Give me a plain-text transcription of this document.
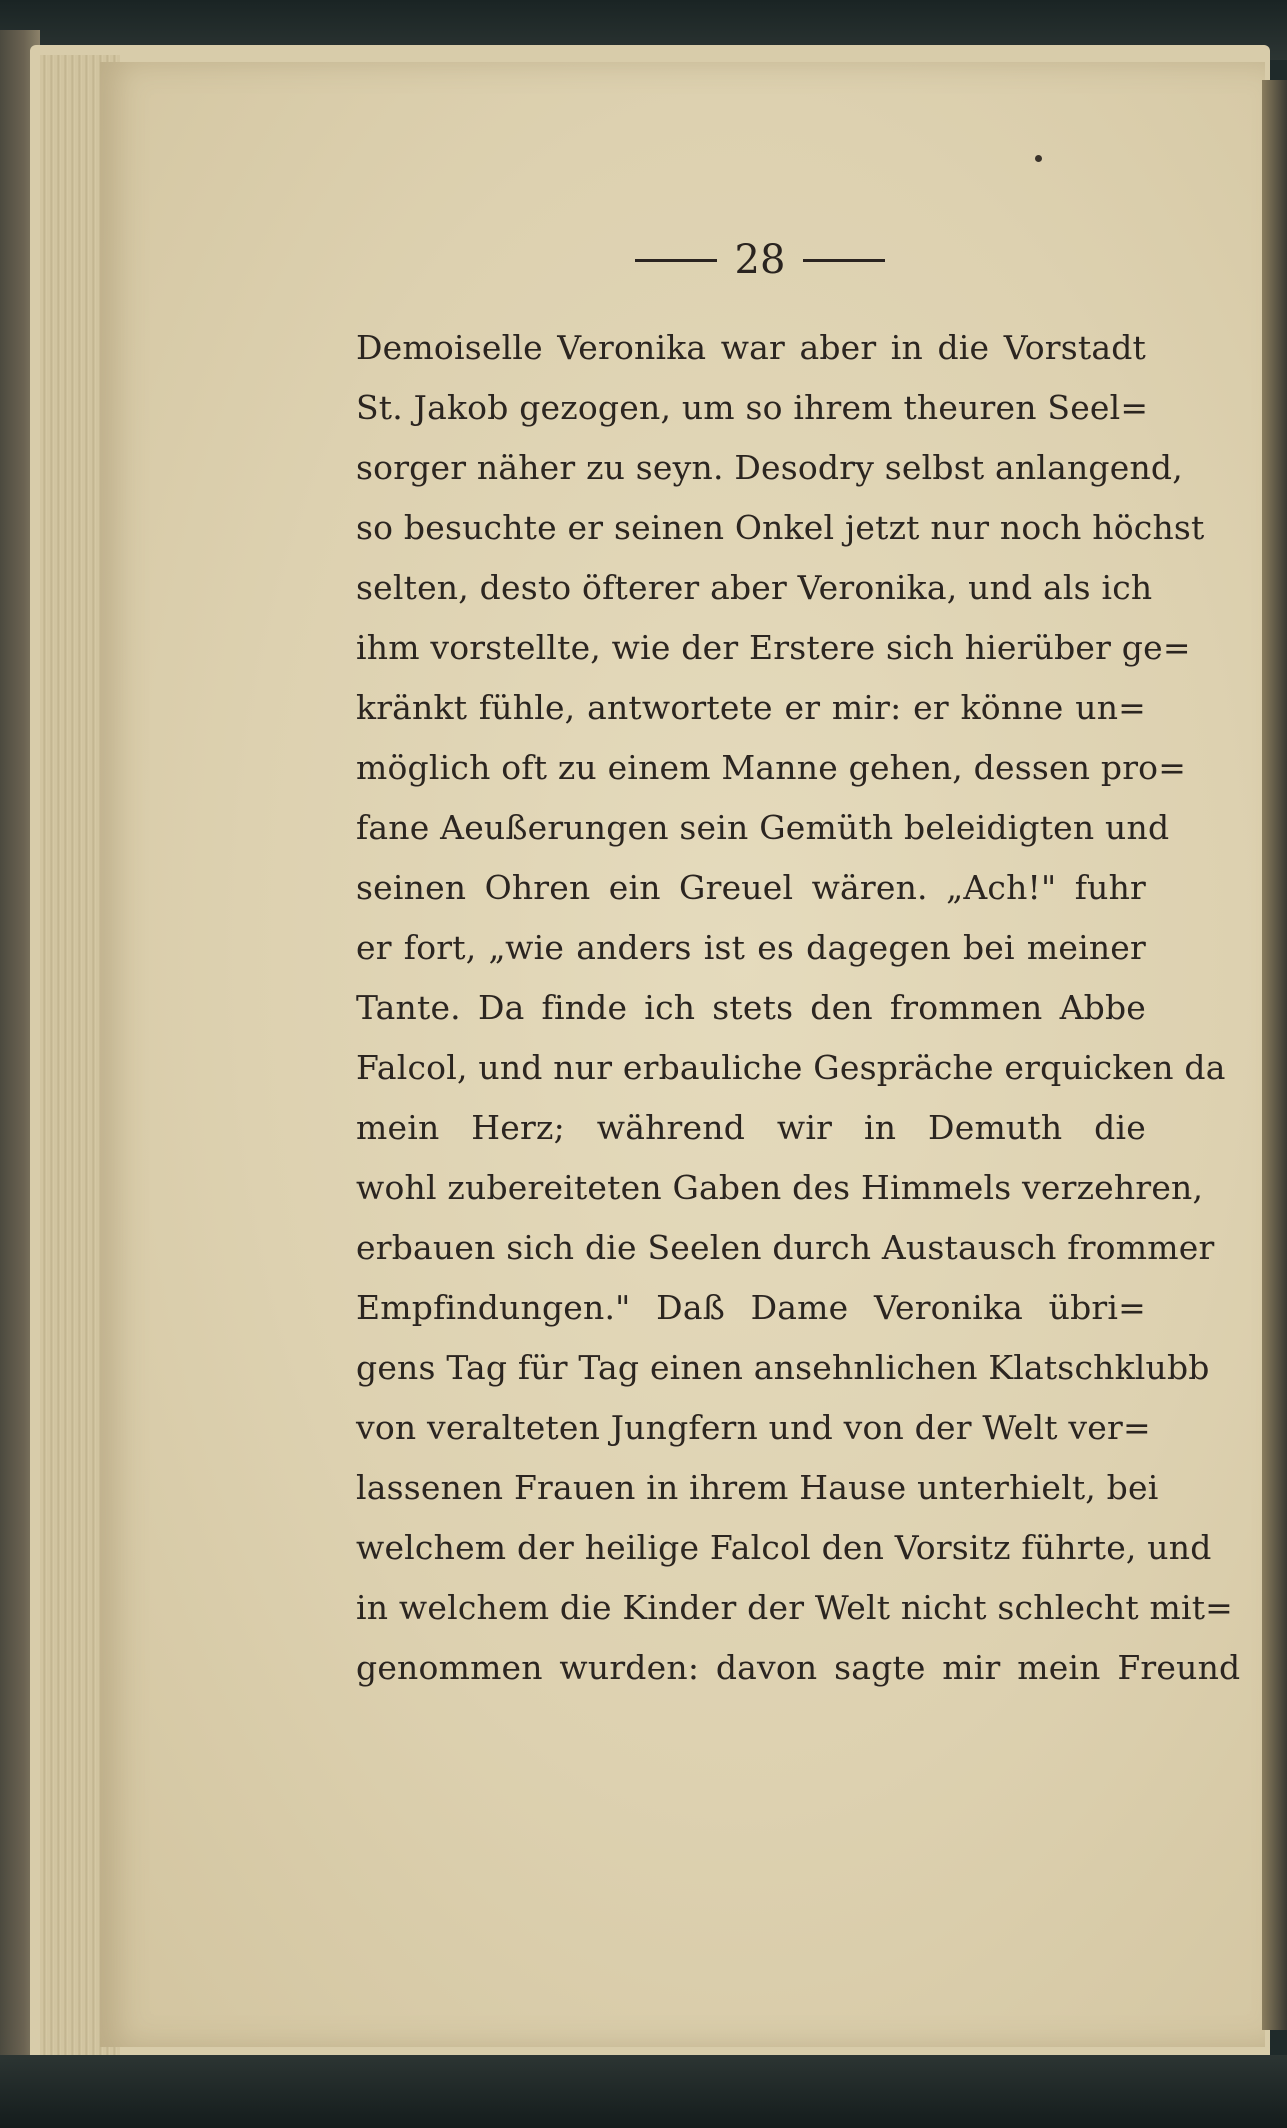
28
Demoiselle Veronika war aber in die Vorstadt
St. Jakob gezogen, um so ihrem theuren Seel=
sorger näher zu seyn. Desodry selbst anlangend,
so besuchte er seinen Onkel jetzt nur noch höchst
selten, desto öfterer aber Veronika, und als ich
ihm vorstellte, wie der Erstere sich hierüber ge=
kränkt fühle, antwortete er mir: er könne un=
möglich oft zu einem Manne gehen, dessen pro=
fane Aeußerungen sein Gemüth beleidigten und
seinen Ohren ein Greuel wären. „Ach!" fuhr
er fort, „wie anders ist es dagegen bei meiner
Tante. Da finde ich stets den frommen Abbe
Falcol, und nur erbauliche Gespräche erquicken da
mein Herz; während wir in Demuth die
wohl zubereiteten Gaben des Himmels verzehren,
erbauen sich die Seelen durch Austausch frommer
Empfindungen." Daß Dame Veronika übri=
gens Tag für Tag einen ansehnlichen Klatschklubb
von veralteten Jungfern und von der Welt ver=
lassenen Frauen in ihrem Hause unterhielt, bei
welchem der heilige Falcol den Vorsitz führte, und
in welchem die Kinder der Welt nicht schlecht mit=
genommen wurden: davon sagte mir mein Freund
